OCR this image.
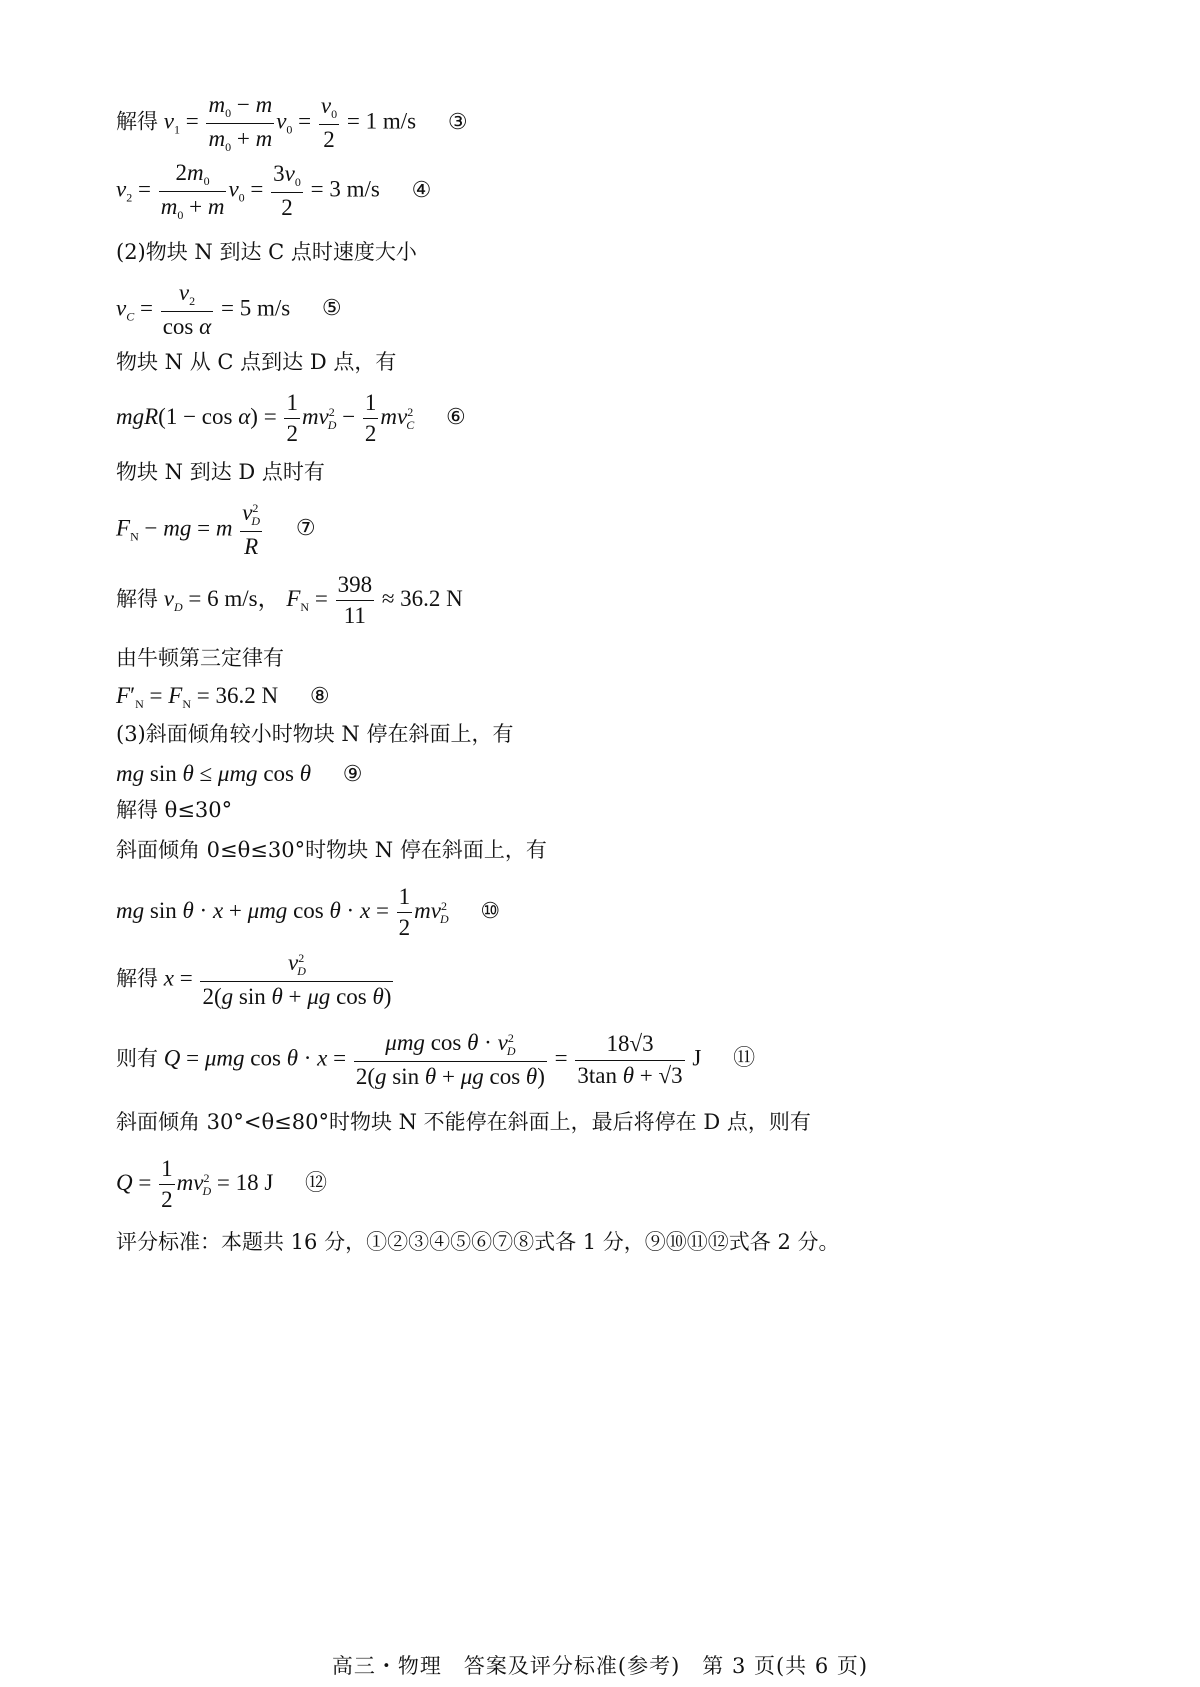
解得 $v_1 = \frac{m_0 - m}{m_0 + m} v_0 = \frac{v_0}{2} = 1$ m/s ③
$v_2 = \frac{2m_0}{m_0 + m} v_0 = \frac{3v_0}{2} = 3$ m/s ④
(2)物块 N 到达 C 点时速度大小
$v_C = \frac{v_2}{\text{cos α}} = 5$ m/s ⑤
物块 N 从 C 点到达 D 点，有
$mgR(1 - \cos \alpha) = \frac{1}{2} mv^2_D - \frac{1}{2} mv^2_C$ ⑥
物块 N 到达 D 点时有
$F_N$ − mg = m $\frac{v^2_D}{R}$ ⑦
解得 $v_D = 6$ m/s， $F_N = \frac{398}{11} \approx 36.2$ N
由牛顿第三定律有
$F'_N = F_N = 36.2$ N ⑧
(3)斜面倾角较小时物块 N 停在斜面上，有
mg sin θ ≤ μmg cos θ ⑨
解得 θ≤30°
斜面倾角 0≤θ≤30°时物块 N 停在斜面上，有
mg sin θ · x + μmg $\cos \theta \cdot x = \frac{1}{2} mv^2_D$ ⑩
解得 $x = \frac{v^2_D}{\text{2(g sin θ + μg cos θ)}}$
则有 Q = μmg $\cos \theta \cdot x = \frac{\mu mg \cos \theta \cdot v^2_D}{\text{2(g sin θ + μg cos θ)}} = \frac{18√3}{\text{3tan θ + √3}}$ J ⑪
斜面倾角 30°<θ≤80°时物块 N 不能停在斜面上，最后将停在 D 点，则有
$Q = \frac{1}{2} mv^2_D = 18$ J ⑫
评分标准：本题共 16 分，①②③④⑤⑥⑦⑧式各 1 分，⑨⑩⑪⑫式各 2 分。
高三・物理　答案及评分标准(参考)　第 3 页(共 6 页)
